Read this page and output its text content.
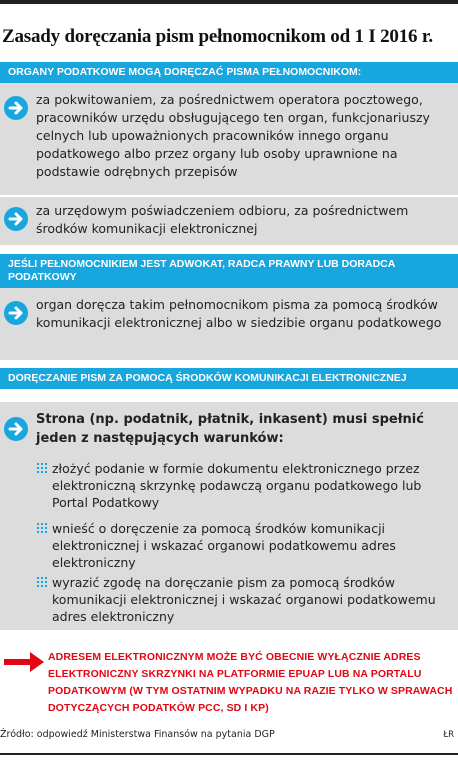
Zasady doręczania pism pełnomocnikom od 1 I 2016 r.
ORGANY PODATKOWE MOGĄ DORĘCZAĆ PISMA PEŁNOMOCNIKOM:
za pokwitowaniem, za pośrednictwem operatora pocztowego, pracowników urzędu obsługującego ten organ, funkcjonariuszy celnych lub upoważnionych pracowników innego organu podatkowego albo przez organy lub osoby uprawnione na podstawie odrębnych przepisów
za urzędowym poświadczeniem odbioru, za pośrednictwem środków komunikacji elektronicznej
JEŚLI PEŁNOMOCNIKIEM JEST ADWOKAT, RADCA PRAWNY LUB DORADCA PODATKOWY
organ doręcza takim pełnomocnikom pisma za pomocą środków komunikacji elektronicznej albo w siedzibie organu podatkowego
DORĘCZANIE PISM ZA POMOCĄ ŚRODKÓW KOMUNIKACJI ELEKTRONICZNEJ
Strona (np. podatnik, płatnik, inkasent) musi spełnić jeden z następujących warunków:
złożyć podanie w formie dokumentu elektronicznego przez elektroniczną skrzynkę podawczą organu podatkowego lub Portal Podatkowy
wnieść o doręczenie za pomocą środków komunikacji elektronicznej i wskazać organowi podatkowemu adres elektroniczny
wyrazić zgodę na doręczanie pism za pomocą środków komunikacji elektronicznej i wskazać organowi podatkowemu adres elektroniczny
ADRESEM ELEKTRONICZNYM MOŻE BYĆ OBECNIE WYŁĄCZNIE ADRES ELEKTRONICZNY SKRZYNKI NA PLATFORMIE EPUAP LUB NA PORTALU PODATKOWYM (W TYM OSTATNIM WYPADKU NA RAZIE TYLKO W SPRAWACH DOTYCZĄCYCH PODATKÓW PCC, SD I KP)
Źródło: odpowiedź Ministerstwa Finansów na pytania DGP	ŁR
